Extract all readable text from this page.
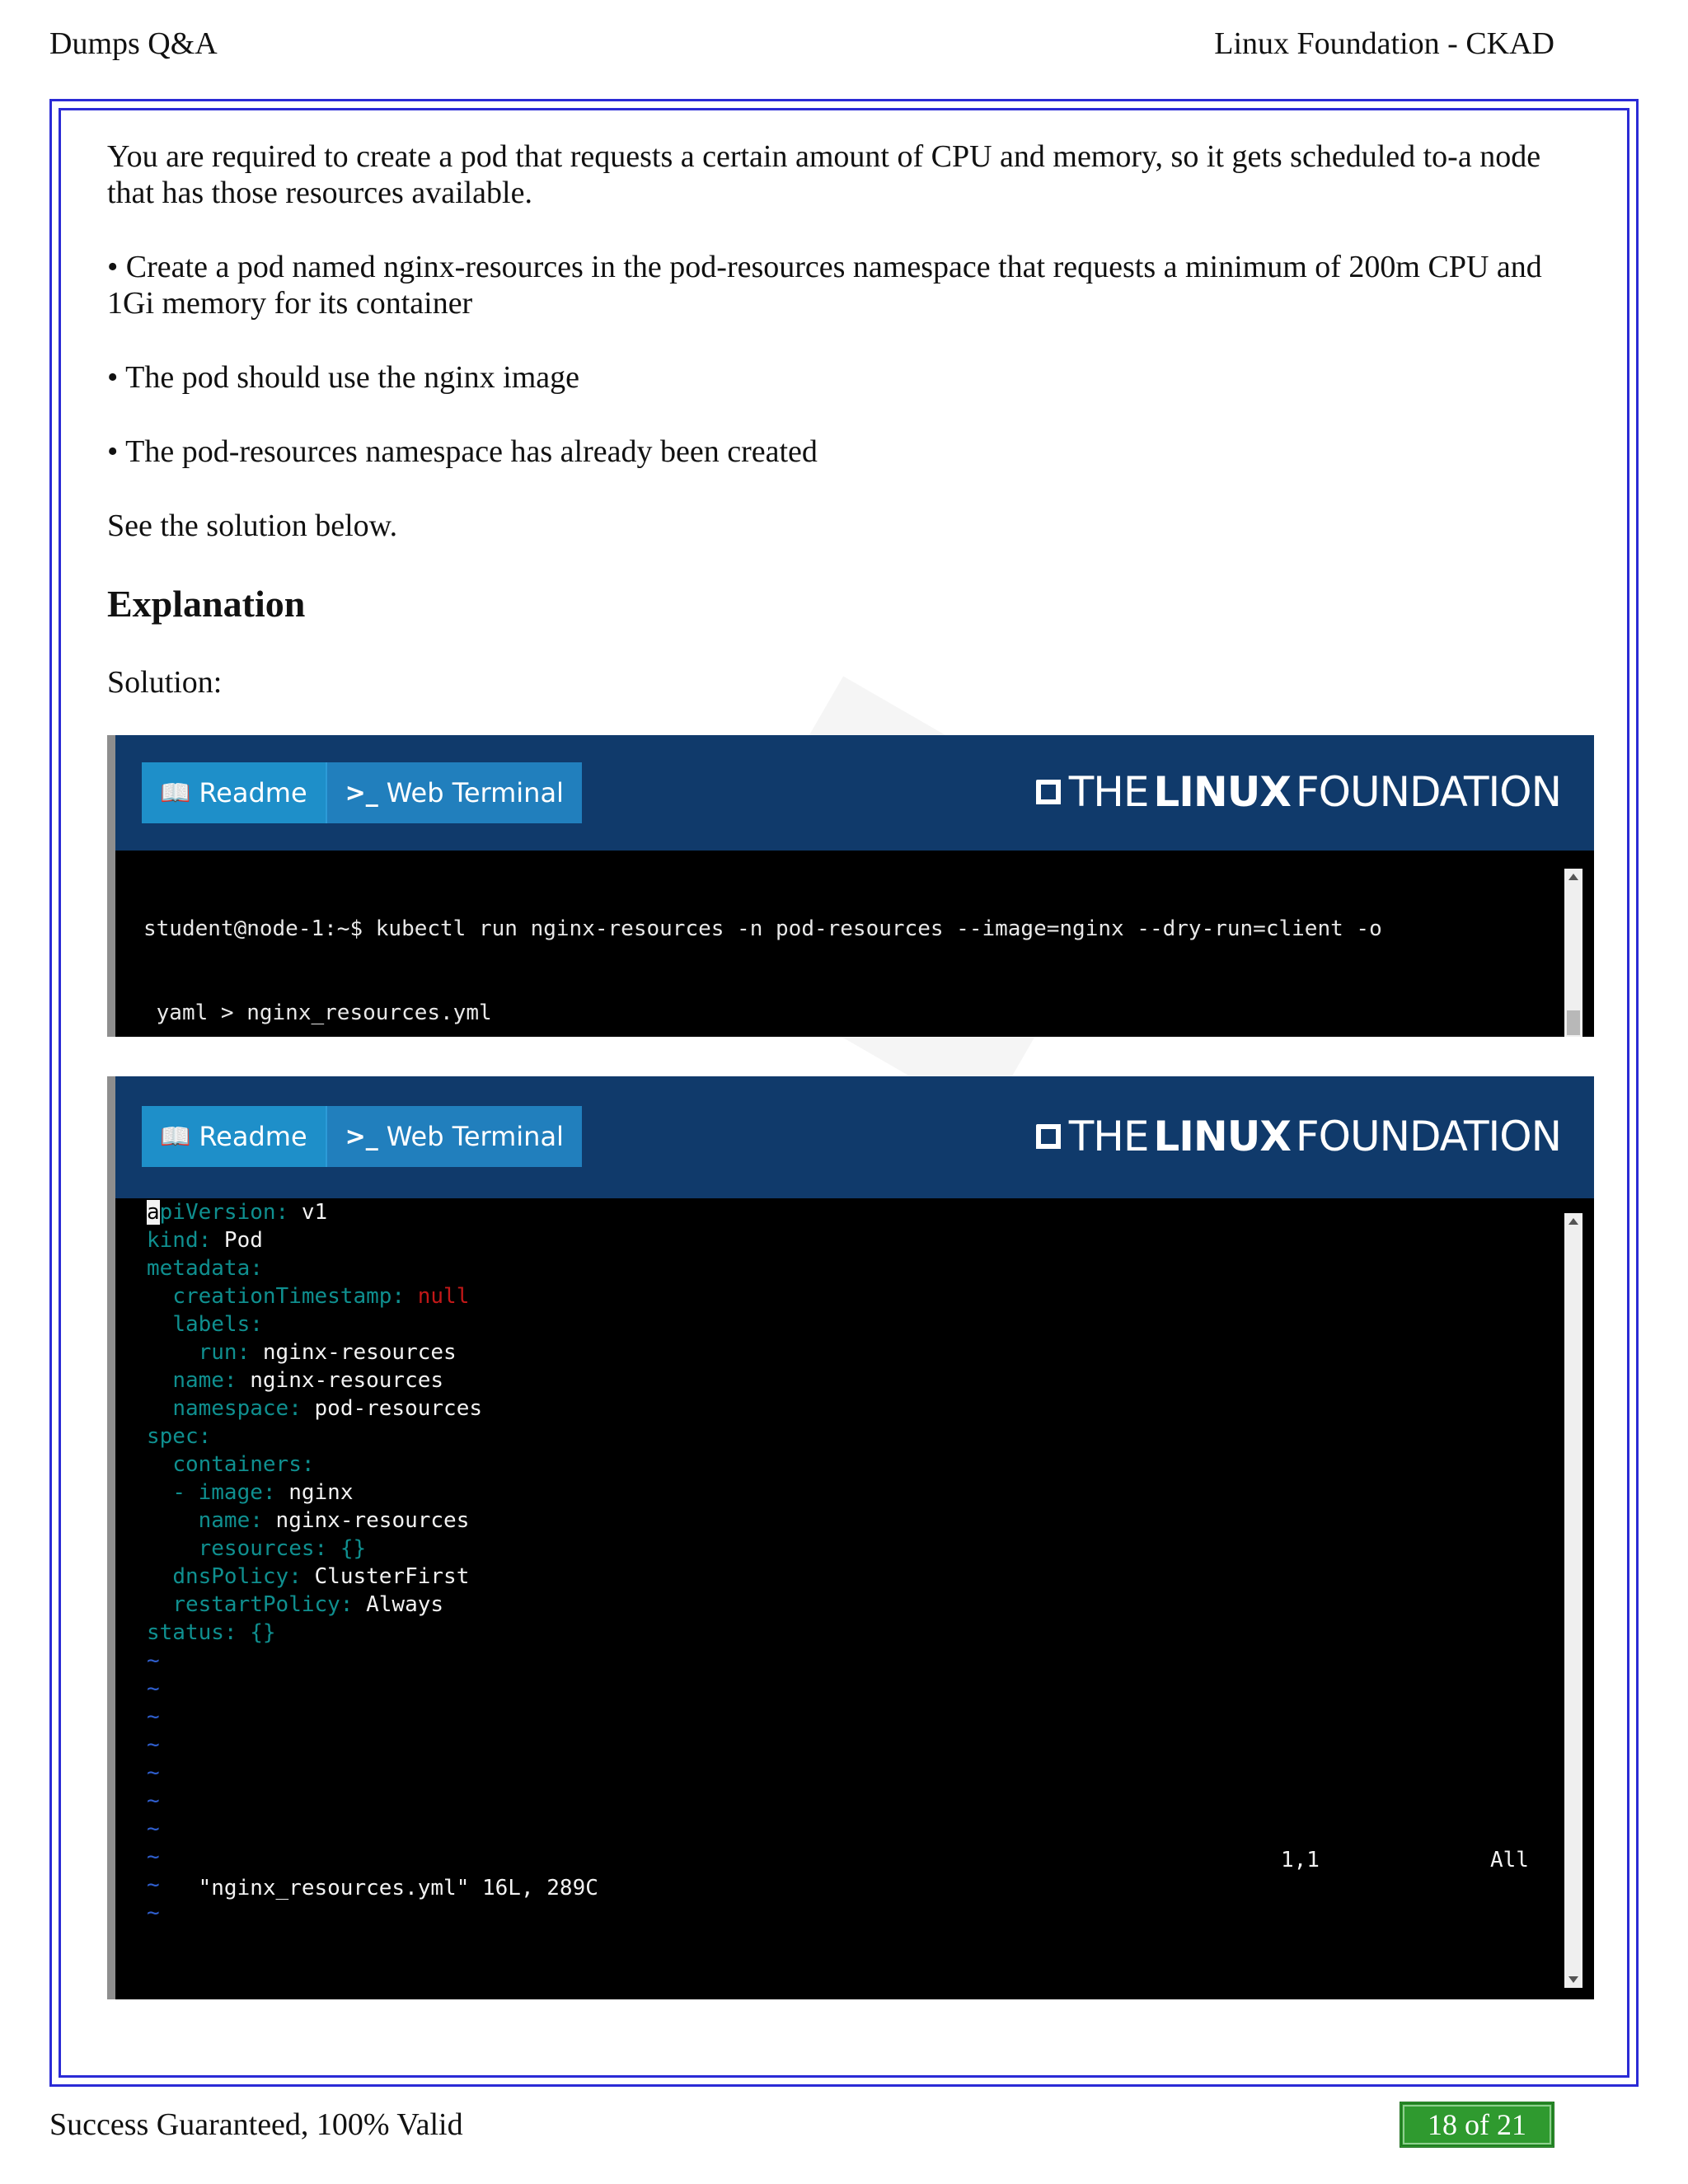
Dumps Q&A	Linux Foundation - CKAD

You are required to create a pod that requests a certain amount of CPU and memory, so it gets scheduled to-a node that has those resources available.

• Create a pod named nginx-resources in the pod-resources namespace that requests a minimum of 200m CPU and 1Gi memory for its container

• The pod should use the nginx image

• The pod-resources namespace has already been created

See the solution below.

Explanation

Solution:

📖 Readme >_ Web Terminal	THE LINUX FOUNDATION

student@node-1:~$ kubectl run nginx-resources -n pod-resources --image=nginx --dry-run=client -o

yaml > nginx_resources.yml

📖 Readme >_ Web Terminal	THE LINUX FOUNDATION
apiVersion: v1
kind: Pod
metadata:
creationTimestamp: null
labels:
run: nginx-resources
name: nginx-resources
namespace: pod-resources
spec:
containers:
- image: nginx
name: nginx-resources
resources: {}
dnsPolicy: ClusterFirst
restartPolicy: Always
status: {}
~
~
~
~
~
~
~
~
~
~

"nginx_resources.yml" 16L, 289C

1,1

	All

Success Guaranteed, 100% Valid	18 of 21
